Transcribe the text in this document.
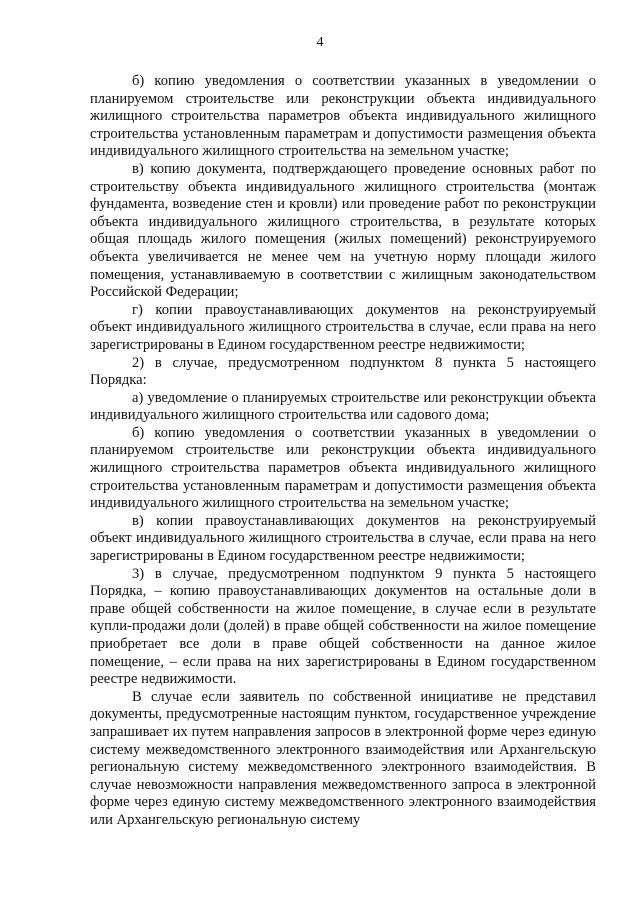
4

б) копию уведомления о соответствии указанных в уведомлении о планируемом строительстве или реконструкции объекта индивидуального жилищного строительства параметров объекта индивидуального жилищного строительства установленным параметрам и допустимости размещения объекта индивидуального жилищного строительства на земельном участке;

в) копию документа, подтверждающего проведение основных работ по строительству объекта индивидуального жилищного строительства (монтаж фундамента, возведение стен и кровли) или проведение работ по реконструкции объекта индивидуального жилищного строительства, в результате которых общая площадь жилого помещения (жилых помещений) реконструируемого объекта увеличивается не менее чем на учетную норму площади жилого помещения, устанавливаемую в соответствии с жилищным законодательством Российской Федерации;

г) копии правоустанавливающих документов на реконструируемый объект индивидуального жилищного строительства в случае, если права на него зарегистрированы в Едином государственном реестре недвижимости;

2) в случае, предусмотренном подпунктом 8 пункта 5 настоящего Порядка:

а) уведомление о планируемых строительстве или реконструкции объекта индивидуального жилищного строительства или садового дома;

б) копию уведомления о соответствии указанных в уведомлении о планируемом строительстве или реконструкции объекта индивидуального жилищного строительства параметров объекта индивидуального жилищного строительства установленным параметрам и допустимости размещения объекта индивидуального жилищного строительства на земельном участке;

в) копии правоустанавливающих документов на реконструируемый объект индивидуального жилищного строительства в случае, если права на него зарегистрированы в Едином государственном реестре недвижимости;

3) в случае, предусмотренном подпунктом 9 пункта 5 настоящего Порядка, – копию правоустанавливающих документов на остальные доли в праве общей собственности на жилое помещение, в случае если в результате купли-продажи доли (долей) в праве общей собственности на жилое помещение приобретает все доли в праве общей собственности на данное жилое помещение, – если права на них зарегистрированы в Едином государственном реестре недвижимости.

В случае если заявитель по собственной инициативе не представил документы, предусмотренные настоящим пунктом, государственное учреждение запрашивает их путем направления запросов в электронной форме через единую систему межведомственного электронного взаимодействия или Архангельскую региональную систему межведомственного электронного взаимодействия. В случае невозможности направления межведомственного запроса в электронной форме через единую систему межведомственного электронного взаимодействия или Архангельскую региональную систему
